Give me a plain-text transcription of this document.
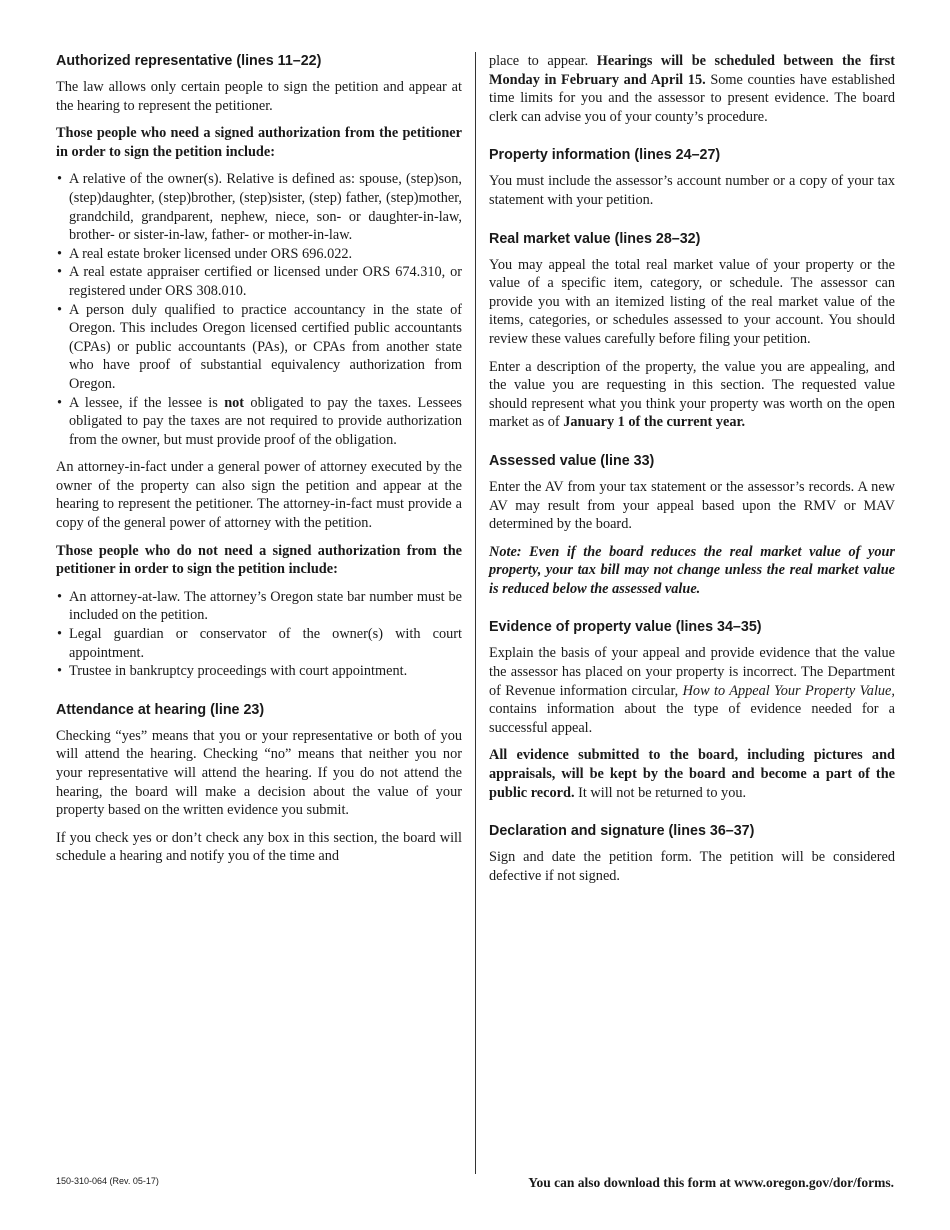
Authorized representative (lines 11–22)

The law allows only certain people to sign the petition and appear at the hearing to represent the petitioner.

Those people who need a signed authorization from the petitioner in order to sign the petition include:

• A relative of the owner(s). Relative is defined as: spouse, (step)son, (step)daughter, (step)brother, (step)sister, (step) father, (step)mother, grandchild, grandparent, nephew, niece, son- or daughter-in-law, brother- or sister-in-law, father- or mother-in-law.
• A real estate broker licensed under ORS 696.022.
• A real estate appraiser certified or licensed under ORS 674.310, or registered under ORS 308.010.
• A person duly qualified to practice accountancy in the state of Oregon. This includes Oregon licensed certified public accountants (CPAs) or public accountants (PAs), or CPAs from another state who have proof of substantial equivalency authorization from Oregon.
• A lessee, if the lessee is not obligated to pay the taxes. Lessees obligated to pay the taxes are not required to provide authorization from the owner, but must provide proof of the obligation.

An attorney-in-fact under a general power of attorney executed by the owner of the property can also sign the petition and appear at the hearing to represent the petitioner. The attorney-in-fact must provide a copy of the general power of attorney with the petition.

Those people who do not need a signed authorization from the petitioner in order to sign the petition include:

• An attorney-at-law. The attorney’s Oregon state bar number must be included on the petition.
• Legal guardian or conservator of the owner(s) with court appointment.
• Trustee in bankruptcy proceedings with court appointment.
Attendance at hearing (line 23)

Checking “yes” means that you or your representative or both of you will attend the hearing. Checking “no” means that neither you nor your representative will attend the hearing. If you do not attend the hearing, the board will make a decision about the value of your property based on the written evidence you submit.

If you check yes or don’t check any box in this section, the board will schedule a hearing and notify you of the time and

place to appear. Hearings will be scheduled between the first Monday in February and April 15. Some counties have established time limits for you and the assessor to present evidence. The board clerk can advise you of your county’s procedure.

Property information (lines 24–27)

You must include the assessor’s account number or a copy of your tax statement with your petition.

Real market value (lines 28–32)

You may appeal the total real market value of your property or the value of a specific item, category, or schedule. The assessor can provide you with an itemized listing of the real market value of the items, categories, or schedules assessed to your account. You should review these values carefully before filing your petition.

Enter a description of the property, the value you are appealing, and the value you are requesting in this section. The requested value should represent what you think your property was worth on the open market as of January 1 of the current year.

Assessed value (line 33)

Enter the AV from your tax statement or the assessor’s records. A new AV may result from your appeal based upon the RMV or MAV determined by the board.

Note: Even if the board reduces the real market value of your property, your tax bill may not change unless the real market value is reduced below the assessed value.

Evidence of property value (lines 34–35)

Explain the basis of your appeal and provide evidence that the value the assessor has placed on your property is incorrect. The Department of Revenue information circular, How to Appeal Your Property Value, contains information about the type of evidence needed for a successful appeal.

All evidence submitted to the board, including pictures and appraisals, will be kept by the board and become a part of the public record. It will not be returned to you.

Declaration and signature (lines 36–37)

Sign and date the petition form. The petition will be considered defective if not signed.

150-310-064 (Rev. 05-17)	You can also download this form at www.oregon.gov/dor/forms.
